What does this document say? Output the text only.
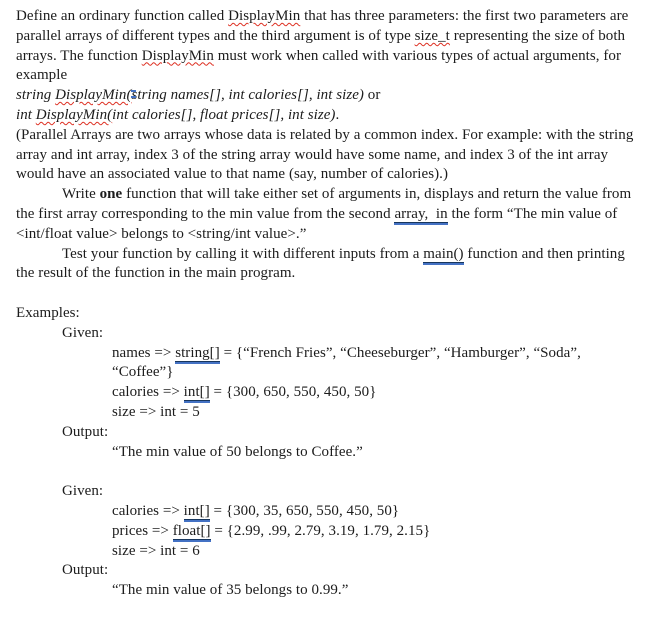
Define an ordinary function called DisplayMin that has three parameters: the first two parameters are parallel arrays of different types and the third argument is of type size_t representing the size of both arrays. The function DisplayMin must work when called with various types of actual arguments, for example

string DisplayMin(string names[], int calories[], int size) or

int DisplayMin(int calories[], float prices[], int size).

(Parallel Arrays are two arrays whose data is related by a common index. For example: with the string array and int array, index 3 of the string array would have some name, and index 3 of the int array would have an associated value to that name (say, number of calories).)

Write one function that will take either set of arguments in, displays and return the value from the first array corresponding to the min value from the second array,  in the form “The min value of <int/float value> belongs to <string/int value>.”

Test your function by calling it with different inputs from a main() function and then printing the result of the function in the main program.

Examples:

Given:

names => string[] = {“French Fries”, “Cheeseburger”, “Hamburger”, “Soda”, “Coffee”}

calories => int[] = {300, 650, 550, 450, 50}

size => int = 5

Output:

“The min value of 50 belongs to Coffee.”

Given:

calories => int[] = {300, 35, 650, 550, 450, 50}

prices => float[] = {2.99, .99, 2.79, 3.19, 1.79, 2.15}

size => int = 6

Output:

“The min value of 35 belongs to 0.99.”
